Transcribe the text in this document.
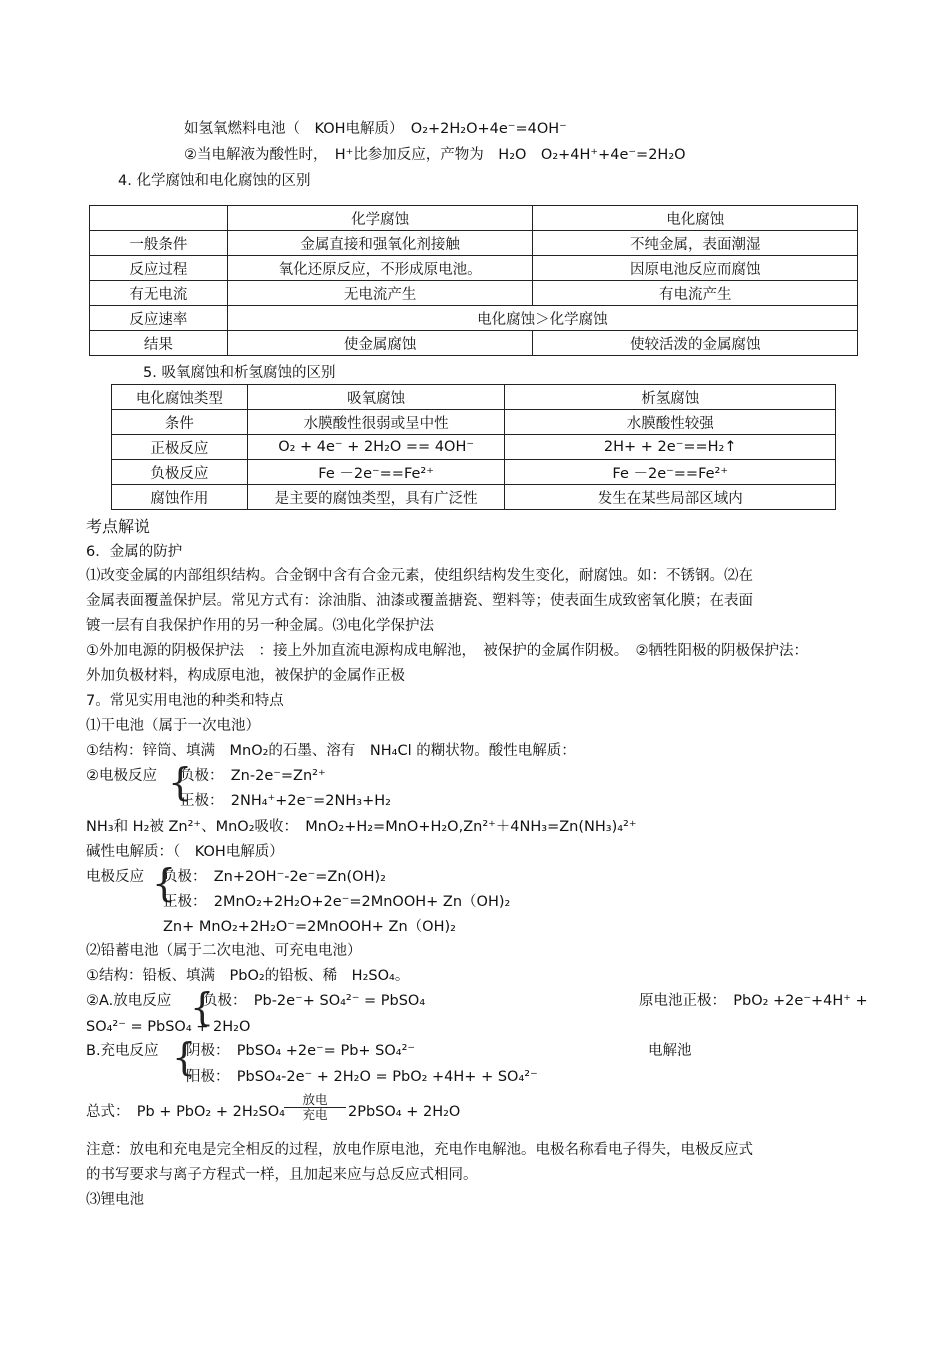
如氢氧燃料电池（　KOH电解质）　O₂+2H₂O+4e⁻=4OH⁻
②当电解液为酸性时，　H⁺比参加反应，产物为　H₂O　O₂+4H⁺+4e⁻=2H₂O
4. 化学腐蚀和电化腐蚀的区别
	化学腐蚀	电化腐蚀
一般条件	金属直接和强氧化剂接触	不纯金属，表面潮湿
反应过程	氧化还原反应，不形成原电池。	因原电池反应而腐蚀
有无电流	无电流产生	有电流产生
反应速率	电化腐蚀＞化学腐蚀	
结果	使金属腐蚀	使较活泼的金属腐蚀
5. 吸氧腐蚀和析氢腐蚀的区别
电化腐蚀类型	吸氧腐蚀	析氢腐蚀
条件	水膜酸性很弱或呈中性	水膜酸性较强
正极反应	O₂ + 4e⁻ + 2H₂O == 4OH⁻	2H+ + 2e⁻==H₂↑
负极反应	Fe －2e⁻==Fe²⁺	Fe －2e⁻==Fe²⁺
腐蚀作用	是主要的腐蚀类型，具有广泛性	发生在某些局部区域内
考点解说
6．金属的防护
⑴改变金属的内部组织结构。合金钢中含有合金元素，使组织结构发生变化，耐腐蚀。如：不锈钢。⑵在
金属表面覆盖保护层。常见方式有：涂油脂、油漆或覆盖搪瓷、塑料等；使表面生成致密氧化膜；在表面
镀一层有自我保护作用的另一种金属。⑶电化学保护法
①外加电源的阴极保护法　：接上外加直流电源构成电解池，　被保护的金属作阴极。　②牺牲阳极的阴极保护法：
外加负极材料，构成原电池，被保护的金属作正极
7。常见实用电池的种类和特点
⑴干电池（属于一次电池）
①结构：锌筒、填满　MnO₂的石墨、溶有　NH₄Cl 的糊状物。酸性电解质：
②电极反应 {
负极：　Zn-2e⁻=Zn²⁺
正极：　2NH₄⁺+2e⁻=2NH₃+H₂
NH₃和 H₂被 Zn²⁺、MnO₂吸收：　MnO₂+H₂=MnO+H₂O,Zn²⁺＋4NH₃=Zn(NH₃)₄²⁺
碱性电解质：（　KOH电解质）
电极反应 {
负极：　Zn+2OH⁻-2e⁻=Zn(OH)₂
正极：　2MnO₂+2H₂O+2e⁻=2MnOOH+ Zn（OH)₂
Zn+ MnO₂+2H₂O⁻=2MnOOH+ Zn（OH)₂
⑵铅蓄电池（属于二次电池、可充电电池）
①结构：铅板、填满　PbO₂的铅板、稀　H₂SO₄。
②A.放电反应 {
负极：　Pb-2e⁻+ SO₄²⁻ = PbSO₄	原电池正极：　PbO₂ +2e⁻+4H⁺ +
SO₄²⁻ = PbSO₄ + 2H₂O
B.充电反应 {
阴极：　PbSO₄ +2e⁻= Pb+ SO₄²⁻	电解池
阳极：　PbSO₄-2e⁻ + 2H₂O = PbO₂ +4H+ + SO₄²⁻
总式：　Pb + PbO₂ + 2H₂SO₄
放电
充电	2PbSO₄ + 2H₂O
注意：放电和充电是完全相反的过程，放电作原电池，充电作电解池。电极名称看电子得失，电极反应式
的书写要求与离子方程式一样，且加起来应与总反应式相同。
⑶锂电池
